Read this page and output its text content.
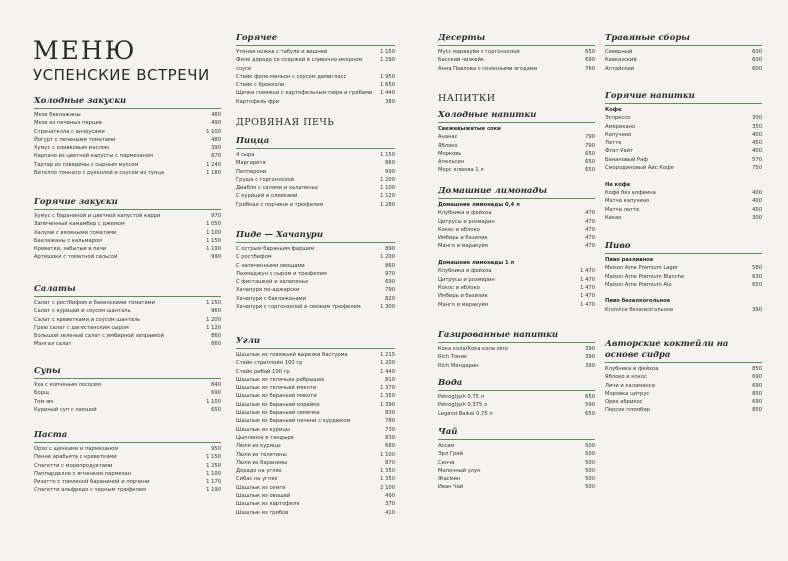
МЕНЮ
УСПЕНСКИЕ ВСТРЕЧИ
Холодные закуски
Мезе баклажаны	480
Мезе из печеных перцев	490
Страчателла с анчоусами	1 100
Йогурт с печеными томатами	480
Хумус с оливковым маслом	390
Карпачо из цветной капусты с пармезаном	870
Тартар из говядины с сырным муссом	1 240
Вителло тоннато с рукколой и соусом из тунца	1 180
Горячие закуски
Хумус с бараниной и цветной капустой карри	970
Запеченный камамбер с джемом	1 050
Халуми с вялеными томатами	1 100
Баклажаны с кальмаром	1 150
Креветки, забытые в печи	1 190
Артишоки с томатной сальсой	990
Салаты
Салат с ростбифом и бакинскими томатами	1 150
Салат с курицей и соусом шанталь	960
Салат с креветками и соусом шанталь	1 200
Грею салат с дагестанским сыром	1 120
Большой зеленый салат с имбирной заправкой	860
Мангал салат	860
Супы
Уха с копченым лососем	840
Борщ	690
Том ям	1 100
Куриный суп с лапшой	650
Паста
Орзо с щечками и пармезаном	950
Пенне арабьята с креветками	1 150
Спагетти с морепродуктами	1 250
Паппарделле с ягненком пармезан	1 100
Ризотто с томленой бараниной и порчини	1 170
Спагетти альфредо с черным трюфелем	1 190
Горячее
Утиная ножка с табуле и вишней	1 150
Филе дорадо со спаржей в сливочно-икорном	1 290
соусе
Стейк филе-миньон с соусом демигласс	1 950
Стейк с брокколи	1 650
Щечки говяжьи с картофельным пюре и грибами	1 440
Картофель фри	380
ДРОВЯНАЯ ПЕЧЬ
Пицца
4 сыра	1 150
Маргарита	860
Пепперони	990
Груша с горгонзолой	1 200
Диабло с салями и халапеньо	1 100
С курицей и оливками	1 120
Грибная с порчини и трюфелем	1 280
Пиде — Хачапури
С острым бараньим фаршем	890
С ростбифом	1 200
С запеченными овощами	860
Лахмаджун с сыром и трюфелем	970
С фисташкой и халапеньо	690
Хачапури по-аджарски	790
Хачапури с баклажанами	820
Хачапури с горгонзолой и свежим трюфелем	1 300
Угли
Шашлык из говяжьей вырезки бастурма	1 215
Стейк стриплойн 100 гр	1 200
Стейк рибай 100 гр	1 440
Шашлык из телячьих ребрышек	810
Шашлык из телячьей мякоти	1 370
Шашлык из бараньей мякоти	1 350
Шашлык из бараньей корейки	1 390
Шашлык из бараньей семечки	830
Шашлык из бараньей печени с курдюком	780
Шашлык из курицы	730
Цыпленок в тандыре	830
Люля из курицы	680
Люля из телятины	1 100
Люля из баранины	870
Дорадо на углях	1 350
Сибас на углях	1 350
Шашлык из семги	2 100
Шашлык из овощей	490
Шашлык из картофеля	370
Шашлык из грибов	410
Десерты
Мусс маракуйя с горгонзолой	650
Басский чизкейк	690
Анна Павлова с сезонными ягодами	760
НАПИТКИ
Холодные напитки
Свежевыжатые соки
Ананас	790
Яблоко	790
Морковь	650
Апельсин	650
Морс клюква 1 л	650
Домашние лимонады
Домашние лимонады 0,4 л
Клубника и фейхоа	470
Цитрусы и розмарин	470
Кокос и яблоко	470
Имбирь и базилик	470
Манго и маракуйя	470

Домашние лимонады 1 л
Клубника и фейхоа	1 470
Цитрусы и розмарин	1 470
Кокос и яблоко	1 470
Имбирь и базилик	1 470
Манго и маракуйя	1 470
Газированные напитки
Кока кола/Кока кола zero	390
Rich Тоник	390
Rich Мандарин	390
Вода
Petroglyph 0,75 л	650
Petroglyph 0,375 л	590
Legend Baikal 0,75 л	650
Чай
Ассам	500
Эрл Грей	500
Сенча	500
Молочный улун	500
Жасмин	500
Иван Чай	500
Травяные сборы
Северный	600
Кавказский	600
Алтайский	600
Горячие напитки
Кофе
Эспрессо	300
Американо	350
Капучино	400
Латте	450
Флэт Уайт	400
Банановый Раф	570
Смородиновый Айс Кофе	750

Не кофе
Кофе без кофеина	400
Матча капучино	400
Матча латте	450
Какао	300
Пиво
Пиво разливное
Maison Arne Premium Lager	580
Maison Arne Premium Blanche	630
Maison Arne Premium Ale	650

Пиво безалкогольное
Krunvice безалкогольное	390
Авторские коктейли на основе сидра
Клубника и фейхоа	850
Яблоко и кокос	690
Личи и каламанси	690
Моровка цитрус	850
Орех абрикос	690
Персик пломбир	850
